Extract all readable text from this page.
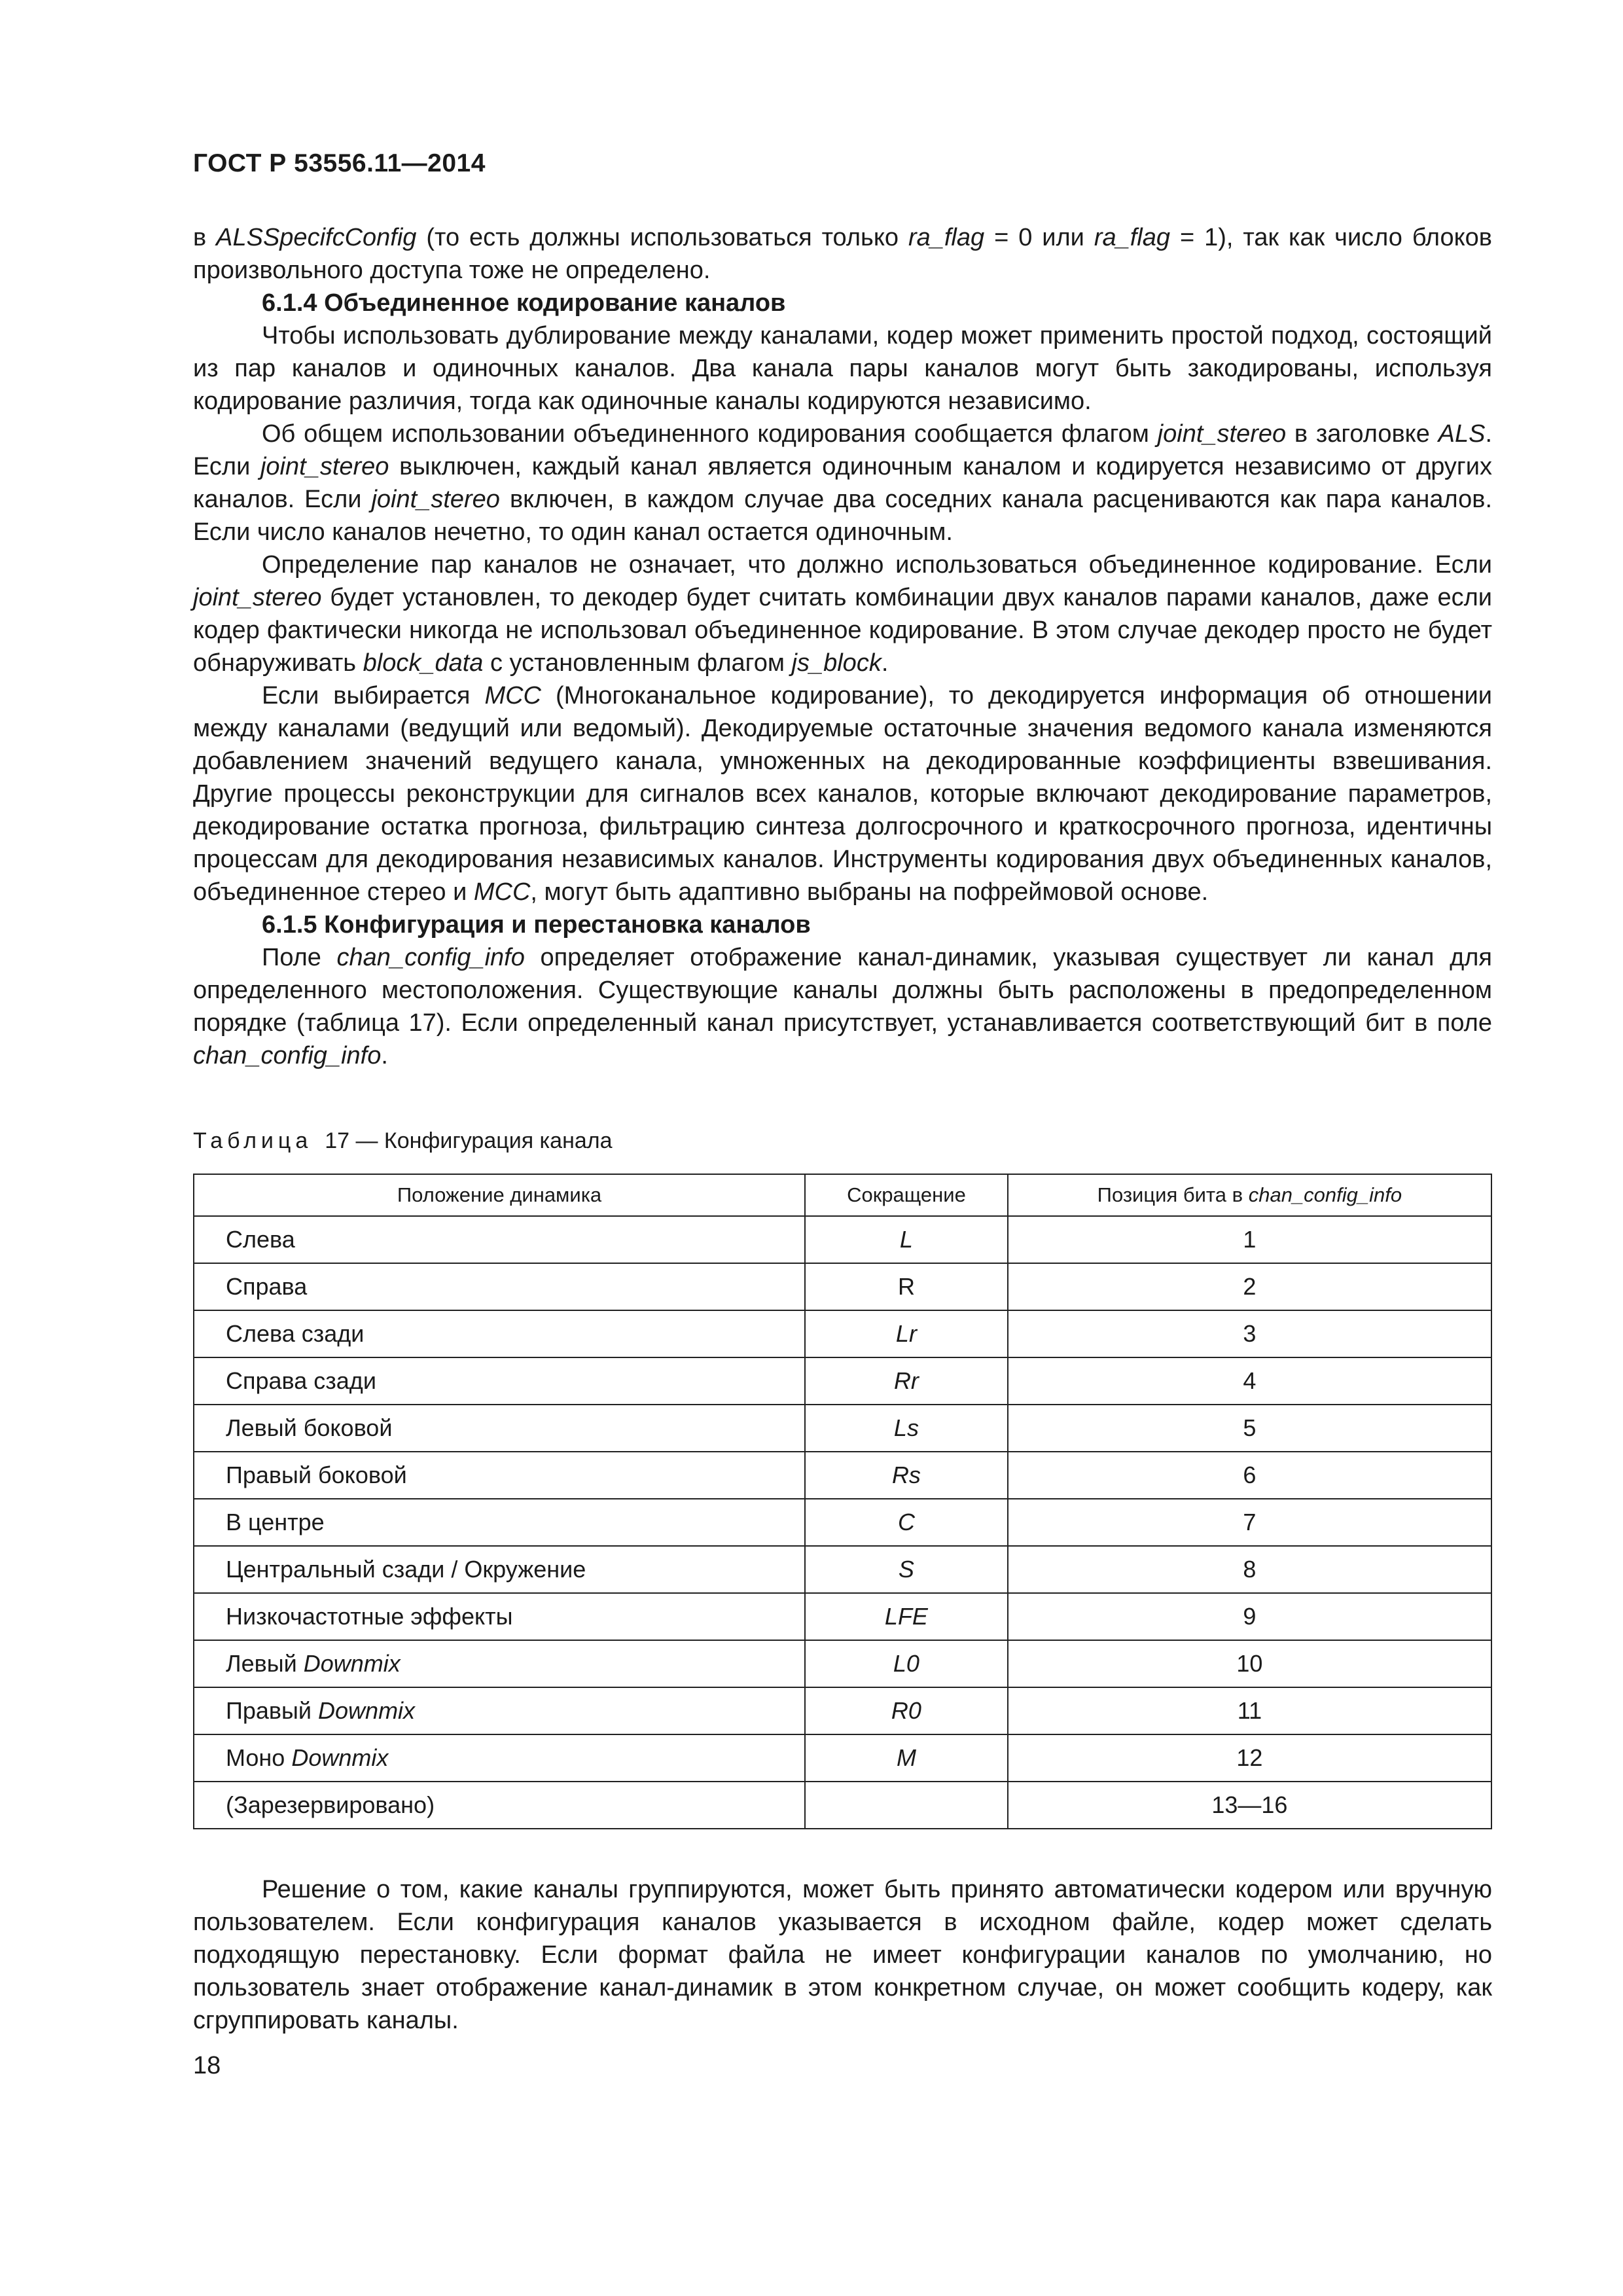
ГОСТ Р 53556.11—2014

в ALSSpecifcConfig (то есть должны использоваться только ra_flag = 0 или ra_flag = 1), так как число блоков произвольного доступа тоже не определено.

6.1.4 Объединенное кодирование каналов

Чтобы использовать дублирование между каналами, кодер может применить простой подход, состоящий из пар каналов и одиночных каналов. Два канала пары каналов могут быть закодированы, используя кодирование различия, тогда как одиночные каналы кодируются независимо.

Об общем использовании объединенного кодирования сообщается флагом joint_stereo в заголовке ALS. Если joint_stereo выключен, каждый канал является одиночным каналом и кодируется независимо от других каналов. Если joint_stereo включен, в каждом случае два соседних канала расцениваются как пара каналов. Если число каналов нечетно, то один канал остается одиночным.

Определение пар каналов не означает, что должно использоваться объединенное кодирование. Если joint_stereo будет установлен, то декодер будет считать комбинации двух каналов парами каналов, даже если кодер фактически никогда не использовал объединенное кодирование. В этом случае декодер просто не будет обнаруживать block_data с установленным флагом js_block.

Если выбирается МСС (Многоканальное кодирование), то декодируется информация об отношении между каналами (ведущий или ведомый). Декодируемые остаточные значения ведомого канала изменяются добавлением значений ведущего канала, умноженных на декодированные коэффициенты взвешивания. Другие процессы реконструкции для сигналов всех каналов, которые включают декодирование параметров, декодирование остатка прогноза, фильтрацию синтеза долгосрочного и краткосрочного прогноза, идентичны процессам для декодирования независимых каналов. Инструменты кодирования двух объединенных каналов, объединенное стерео и МСС, могут быть адаптивно выбраны на пофреймовой основе.

6.1.5 Конфигурация и перестановка каналов

Поле chan_config_info определяет отображение канал-динамик, указывая существует ли канал для определенного местоположения. Существующие каналы должны быть расположены в предопределенном порядке (таблица 17). Если определенный канал присутствует, устанавливается соответствующий бит в поле chan_config_info.

Таблица 17 — Конфигурация канала
Положение динамика	Сокращение	Позиция бита в chan_config_info
Слева	L	1
Справа	R	2
Слева сзади	Lr	3
Справа сзади	Rr	4
Левый боковой	Ls	5
Правый боковой	Rs	6
В центре	C	7
Центральный сзади / Окружение	S	8
Низкочастотные эффекты	LFE	9
Левый Downmix	L0	10
Правый Downmix	R0	11
Моно Downmix	M	12
(Зарезервировано)		13—16

Решение о том, какие каналы группируются, может быть принято автоматически кодером или вручную пользователем. Если конфигурация каналов указывается в исходном файле, кодер может сделать подходящую перестановку. Если формат файла не имеет конфигурации каналов по умолчанию, но пользователь знает отображение канал-динамик в этом конкретном случае, он может сообщить кодеру, как сгруппировать каналы.

18
